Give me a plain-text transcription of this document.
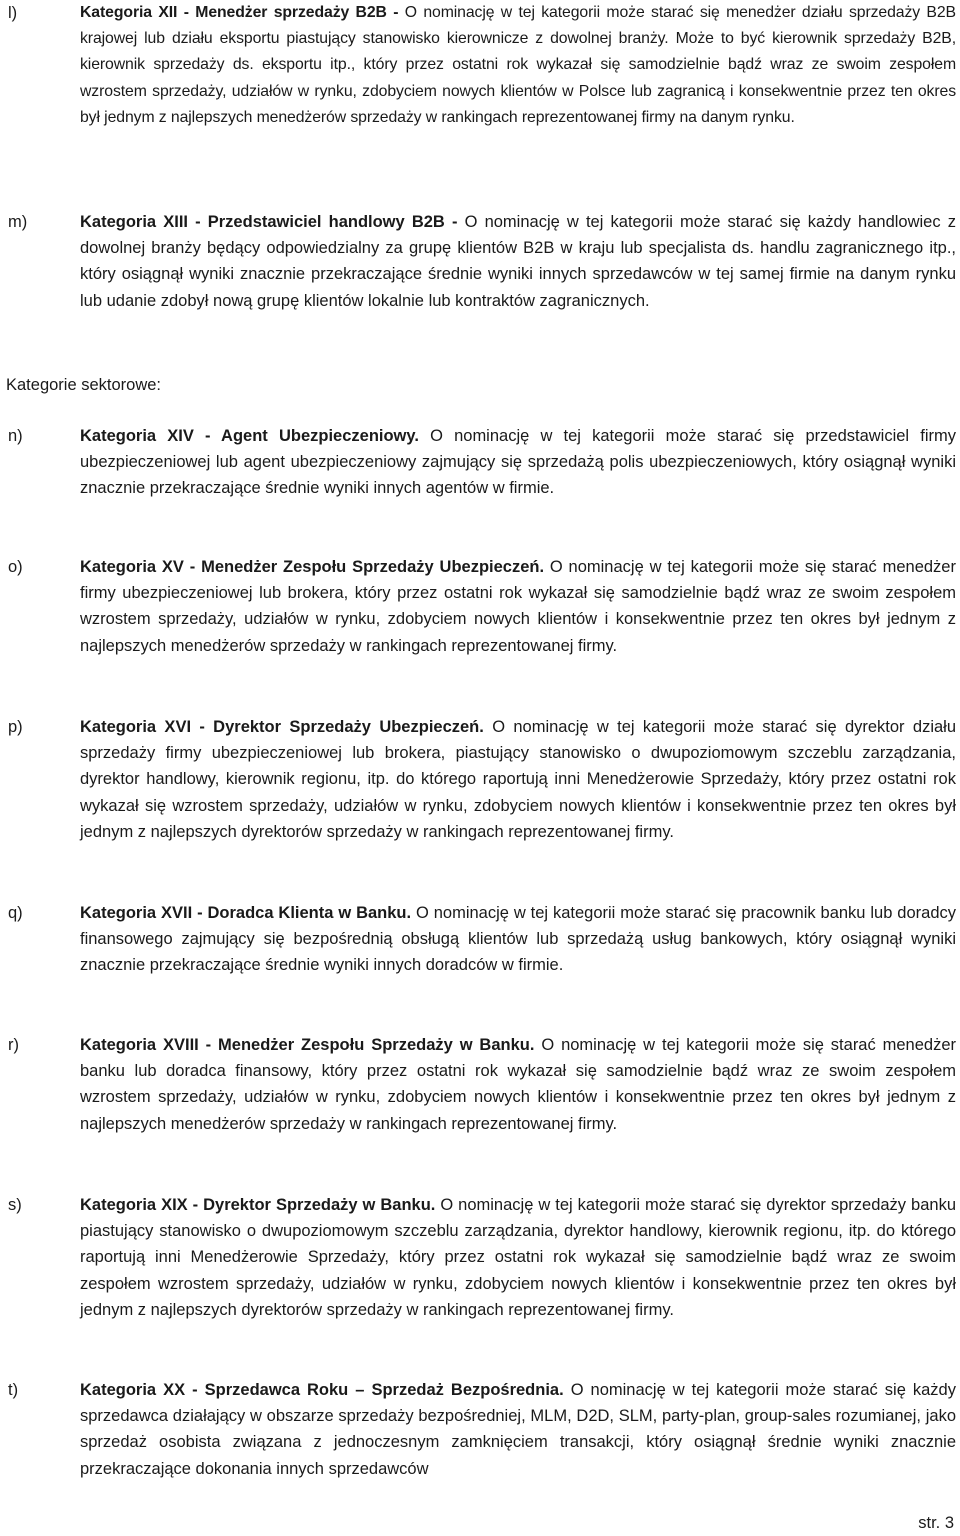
l)	Kategoria XII - Menedżer sprzedaży B2B - O nominację w tej kategorii może starać się menedżer działu sprzedaży B2B krajowej lub działu eksportu piastujący stanowisko kierownicze z dowolnej branży. Może to być kierownik sprzedaży B2B, kierownik sprzedaży ds. eksportu itp., który przez ostatni rok wykazał się samodzielnie bądź wraz ze swoim zespołem wzrostem sprzedaży, udziałów w rynku, zdobyciem nowych klientów w Polsce lub zagranicą i konsekwentnie przez ten okres był jednym z najlepszych menedżerów sprzedaży w rankingach reprezentowanej firmy na danym rynku.
m)	Kategoria XIII - Przedstawiciel handlowy B2B - O nominację w tej kategorii może starać się każdy handlowiec z dowolnej branży będący odpowiedzialny za grupę klientów B2B w kraju lub specjalista ds. handlu zagranicznego itp., który osiągnął wyniki znacznie przekraczające średnie wyniki innych sprzedawców w tej samej firmie na danym rynku lub udanie zdobył nową grupę klientów lokalnie lub kontraktów zagranicznych.
Kategorie sektorowe:
n)	Kategoria XIV - Agent Ubezpieczeniowy. O nominację w tej kategorii może starać się przedstawiciel firmy ubezpieczeniowej lub agent ubezpieczeniowy zajmujący się sprzedażą polis ubezpieczeniowych, który osiągnął wyniki znacznie przekraczające średnie wyniki innych agentów w firmie.
o)	Kategoria XV - Menedżer Zespołu Sprzedaży Ubezpieczeń. O nominację w tej kategorii może się starać menedżer firmy ubezpieczeniowej lub brokera, który przez ostatni rok wykazał się samodzielnie bądź wraz ze swoim zespołem wzrostem sprzedaży, udziałów w rynku, zdobyciem nowych klientów i konsekwentnie przez ten okres był jednym z najlepszych menedżerów sprzedaży w rankingach reprezentowanej firmy.
p)	Kategoria XVI - Dyrektor Sprzedaży Ubezpieczeń. O nominację w tej kategorii może starać się dyrektor działu sprzedaży firmy ubezpieczeniowej lub brokera, piastujący stanowisko o dwupoziomowym szczeblu zarządzania, dyrektor handlowy, kierownik regionu, itp. do którego raportują inni Menedżerowie Sprzedaży, który przez ostatni rok wykazał się wzrostem sprzedaży, udziałów w rynku, zdobyciem nowych klientów i konsekwentnie przez ten okres był jednym z najlepszych dyrektorów sprzedaży w rankingach reprezentowanej firmy.
q)	Kategoria XVII - Doradca Klienta w Banku. O nominację w tej kategorii może starać się pracownik banku lub doradcy finansowego zajmujący się bezpośrednią obsługą klientów lub sprzedażą usług bankowych, który osiągnął wyniki znacznie przekraczające średnie wyniki innych doradców w firmie.
r)	Kategoria XVIII - Menedżer Zespołu Sprzedaży w Banku. O nominację w tej kategorii może się starać menedżer banku lub doradca finansowy, który przez ostatni rok wykazał się samodzielnie bądź wraz ze swoim zespołem wzrostem sprzedaży, udziałów w rynku, zdobyciem nowych klientów i konsekwentnie przez ten okres był jednym z najlepszych menedżerów sprzedaży w rankingach reprezentowanej firmy.
s)	Kategoria XIX - Dyrektor Sprzedaży w Banku. O nominację w tej kategorii może starać się dyrektor sprzedaży banku piastujący stanowisko o dwupoziomowym szczeblu zarządzania, dyrektor handlowy, kierownik regionu, itp. do którego raportują inni Menedżerowie Sprzedaży, który przez ostatni rok wykazał się samodzielnie bądź wraz ze swoim zespołem wzrostem sprzedaży, udziałów w rynku, zdobyciem nowych klientów i konsekwentnie przez ten okres był jednym z najlepszych dyrektorów sprzedaży w rankingach reprezentowanej firmy.
t)	Kategoria XX - Sprzedawca Roku – Sprzedaż Bezpośrednia. O nominację w tej kategorii może starać się każdy sprzedawca działający w obszarze sprzedaży bezpośredniej, MLM, D2D, SLM, party-plan, group-sales rozumianej, jako sprzedaż osobista związana z jednoczesnym zamknięciem transakcji, który osiągnął średnie wyniki znacznie przekraczające dokonania innych sprzedawców
str. 3
